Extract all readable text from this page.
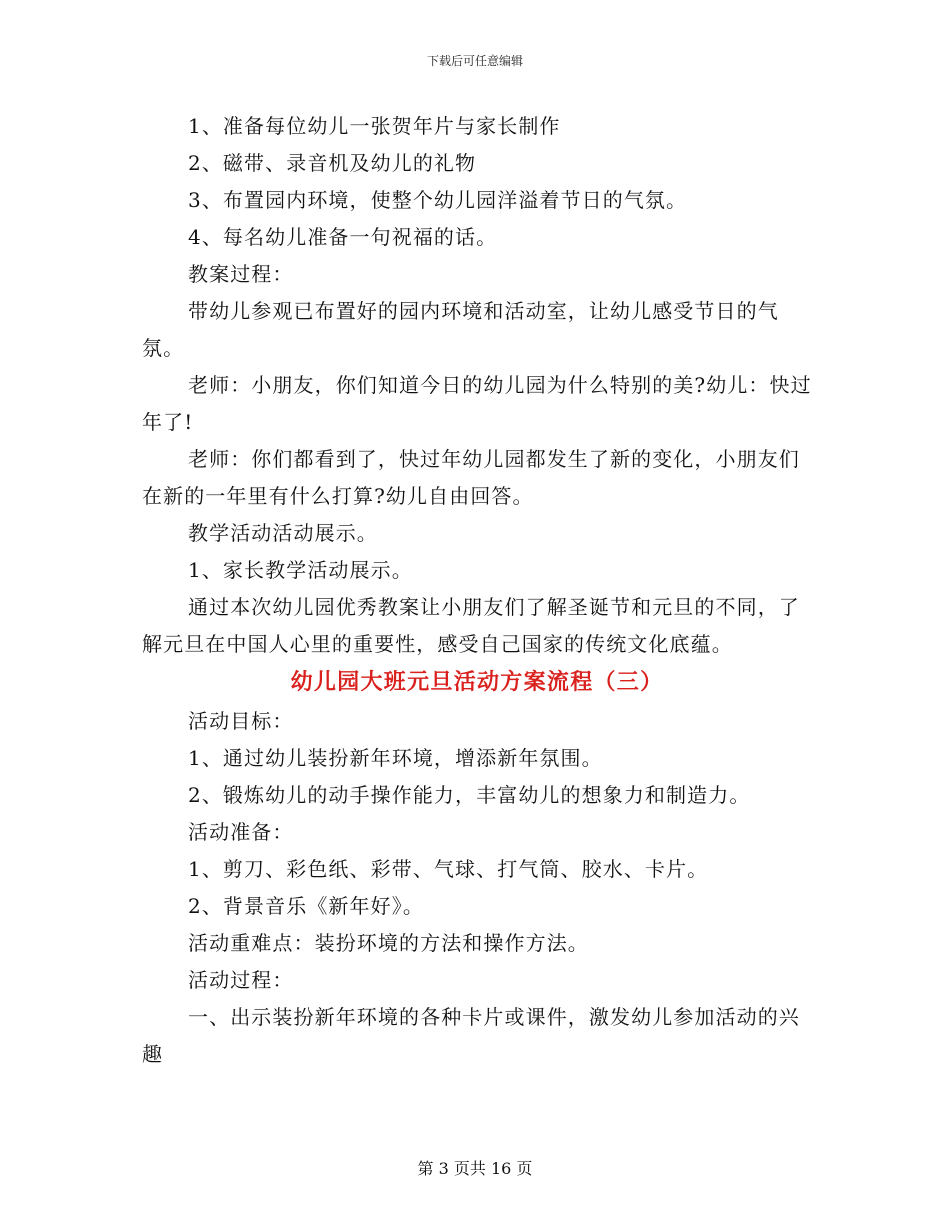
下载后可任意编辑

1、准备每位幼儿一张贺年片与家长制作

2、磁带、录音机及幼儿的礼物

3、布置园内环境，使整个幼儿园洋溢着节日的气氛。

4、每名幼儿准备一句祝福的话。

教案过程：

带幼儿参观已布置好的园内环境和活动室，让幼儿感受节日的气氛。

老师：小朋友，你们知道今日的幼儿园为什么特别的美?幼儿：快过年了!

老师：你们都看到了，快过年幼儿园都发生了新的变化，小朋友们在新的一年里有什么打算?幼儿自由回答。

教学活动活动展示。

1、家长教学活动展示。

通过本次幼儿园优秀教案让小朋友们了解圣诞节和元旦的不同，了解元旦在中国人心里的重要性，感受自己国家的传统文化底蕴。

幼儿园大班元旦活动方案流程（三）

活动目标：

1、通过幼儿装扮新年环境，增添新年氛围。

2、锻炼幼儿的动手操作能力，丰富幼儿的想象力和制造力。

活动准备：

1、剪刀、彩色纸、彩带、气球、打气筒、胶水、卡片。

2、背景音乐《新年好》。

活动重难点：装扮环境的方法和操作方法。

活动过程：

一、出示装扮新年环境的各种卡片或课件，激发幼儿参加活动的兴趣

第 3 页共 16 页
